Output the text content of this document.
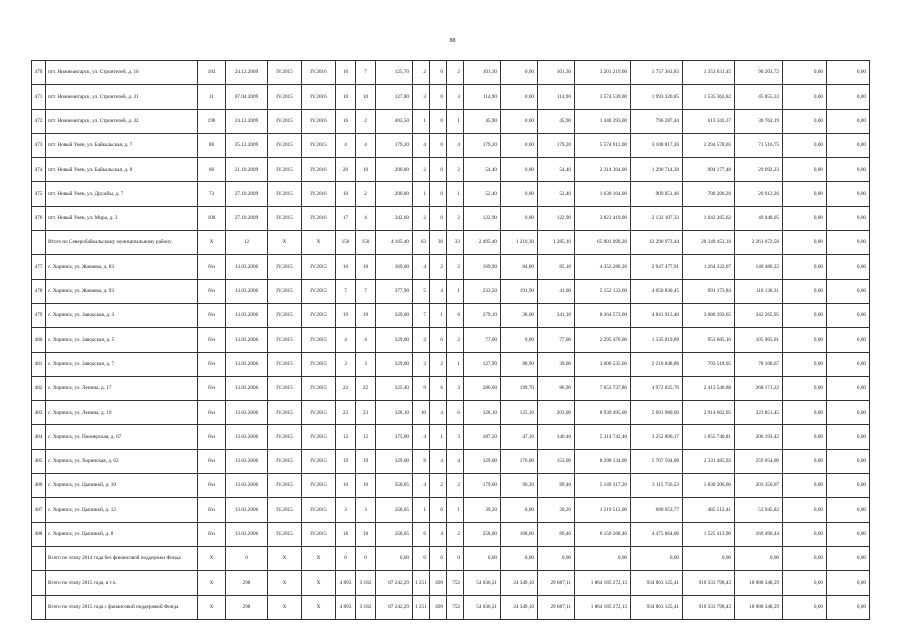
88
470	пгт. Нижнеангарск, ул. Строителей, д. 16	183	24.12.2009	IV.2015	IV.2016	10	7	125,70	2	0	2	101,30	0,00	101,30	3 201 219,00	1 757 363,83	1 353 631,45	90 203,72	0,00	0,00
471	пгт. Нижнеангарск, ул. Строителей, д. 31	11	07.04.2009	IV.2015	IV.2016	10	10	127,80	3	0	3	114,90	0,00	114,90	3 574 539,00	1 993 320,85	1 535 362,82	45 855,33	0,00	0,00
472	пгт. Нижнеангарск, ул. Строителей, д. 32	190	24.12.2009	IV.2015	IV.2016	16	2	403,50	1	0	1	45,90	0,00	45,90	1 440 393,00	796 287,44	613 343,37	30 762,19	0,00	0,00
473	пгт. Новый Уоян, ул. Байкальская, д. 7	88	25.12.2009	IV.2015	IV.2015	4	4	179,20	4	0	4	179,20	0,00	179,20	5 574 912,00	3 108 817,20	2 394 578,05	71 516,75	0,00	0,00
474	пгт. Новый Уоян, ул. Байкальская, д. 8	66	21.10.2009	IV.2015	IV.2016	20	10	200,80	2	0	2	54,40	0,00	54,40	2 314 364,00	1 290 714,28	994 177,48	29 692,23	0,00	0,00
475	пгт. Новый Уоян, ул. Дружбы, д. 7	73	27.10.2009	IV.2015	IV.2016	10	2	200,80	1	0	1	52,40	0,00	52,40	1 630 164,00	909 051,46	700 200,28	20 912,26	0,00	0,00
476	пгт. Новый Уоян, ул. Мира, д. 3	100	27.10.2009	IV.2015	IV.2016	17	4	342,60	2	0	2	122,90	0,00	122,90	3 823 419,00	2 132 107,33	1 642 265,62	49 048,05	0,00	0,00
	Итого по Северобайкальскому муниципальному району	Х	12	Х	Х	150	150	4 165,40	63	30	33	2 495,40	1 210,30	1 285,10	65 901 099,20	43 290 973,44	20 349 453,18	2 261 072,58	0,00	0,00
477	с. Хоринск, ул. Жанаева, д. 83	б/н	13.03.2006	IV.2015	IV.2015	10	10	369,00	4	2	2	169,90	84,80	85,10	4 352 280,26	2 947 477,91	1 264 322,07	140 480,22	0,00	0,00
478	с. Хоринск, ул. Жанаева, д. 93	б/н	13.03.2006	IV.2015	IV.2015	7	7	377,90	5	4	1	233,50	191,90	41,60	5 152 133,60	4 050 830,45	991 173,84	110 130,31	0,00	0,00
479	с. Хоринск, ул. Заводская, д. 3	б/н	13.03.2006	IV.2015	IV.2015	19	19	329,00	7	1	6	279,10	38,00	241,10	8 264 573,00	4 841 913,40	3 080 393,65	342 265,95	0,00	0,00
480	с. Хоринск, ул. Заводская, д. 5	б/н	13.03.2006	IV.2015	IV.2015	4	4	329,00	2	0	2	77,00	0,00	77,00	2 295 470,00	1 335 819,89	953 685,10	105 965,01	0,00	0,00
481	с. Хоринск, ул. Заводская, д. 7	б/н	13.03.2006	IV.2015	IV.2015	3	3	329,00	3	2	1	127,90	88,90	39,00	3 000 535,60	2 218 848,88	703 518,05	78 168,67	0,00	0,00
482	с. Хоринск, ул. Ленина, д. 17	б/н	13.03.2006	IV.2015	IV.2015	22	22	325,40	9	6	3	286,60	199,70	86,90	7 653 737,80	4 972 025,70	2 413 540,88	268 171,22	0,00	0,00
483	с. Хоринск, ул. Ленина, д. 19	б/н	13.03.2006	IV.2015	IV.2015	23	23	328,10	10	4	6	328,10	125,10	203,00	8 930 495,00	5 691 980,60	2 914 662,95	323 851,45	0,00	0,00
484	с. Хоринск, ул. Пионерская, д. 67	б/н	13.03.2006	IV.2015	IV.2015	12	12	375,00	4	1	3	187,50	47,10	140,40	5 314 742,40	3 252 806,17	1 855 740,81	206 193,42	0,00	0,00
485	с. Хоринск, ул. Хоринская, д. 62	б/н	13.03.2006	IV.2015	IV.2015	19	19	329,00	8	4	4	329,00	176,00	153,00	8 298 134,00	5 707 594,08	2 331 485,92	259 054,00	0,00	0,00
486	с. Хоринск, ул. Цыпиной, д. 10	б/н	13.03.2006	IV.2015	IV.2015	10	10	358,05	4	2	2	179,60	90,20	89,40	5 149 317,20	3 115 756,53	1 830 206,60	203 356,07	0,00	0,00
487	с. Хоринск, ул. Цыпиной, д. 12	б/н	13.03.2006	IV.2015	IV.2015	3	3	358,05	1	0	1	39,20	0,00	39,20	1 219 512,00	680 053,77	485 512,41	53 945,82	0,00	0,00
488	с. Хоринск, ул. Цыпиной, д. 8	б/н	13.03.2006	IV.2015	IV.2015	18	18	358,05	6	4	2	258,00	168,60	89,40	6 150 268,40	4 475 864,06	1 525 413,90	169 490,44	0,00	0,00
	Всего по этапу 2014 года без финансовой поддержки Фонда	Х	0	Х	Х	0	0	0,00	0	0	0	0,00	0,00	0,00	0,00	0,00	0,00	0,00	0,00	0,00
	Всего по этапу 2015 года, в т.ч.	Х	298	Х	Х	4 893	3 182	87 242,29	1 251	499	752	54 036,21	24 349,10	29 687,11	1 864 185 272,13	934 863 125,41	910 333 798,43	18 988 348,29	0,00	0,00
	Всего по этапу 2015 года с финансовой поддержкой Фонда	Х	298	Х	Х	4 893	3 182	87 242,29	1 251	499	752	54 036,21	24 349,10	29 687,11	1 864 185 272,13	934 863 125,41	910 333 798,43	18 988 348,29	0,00	0,00
